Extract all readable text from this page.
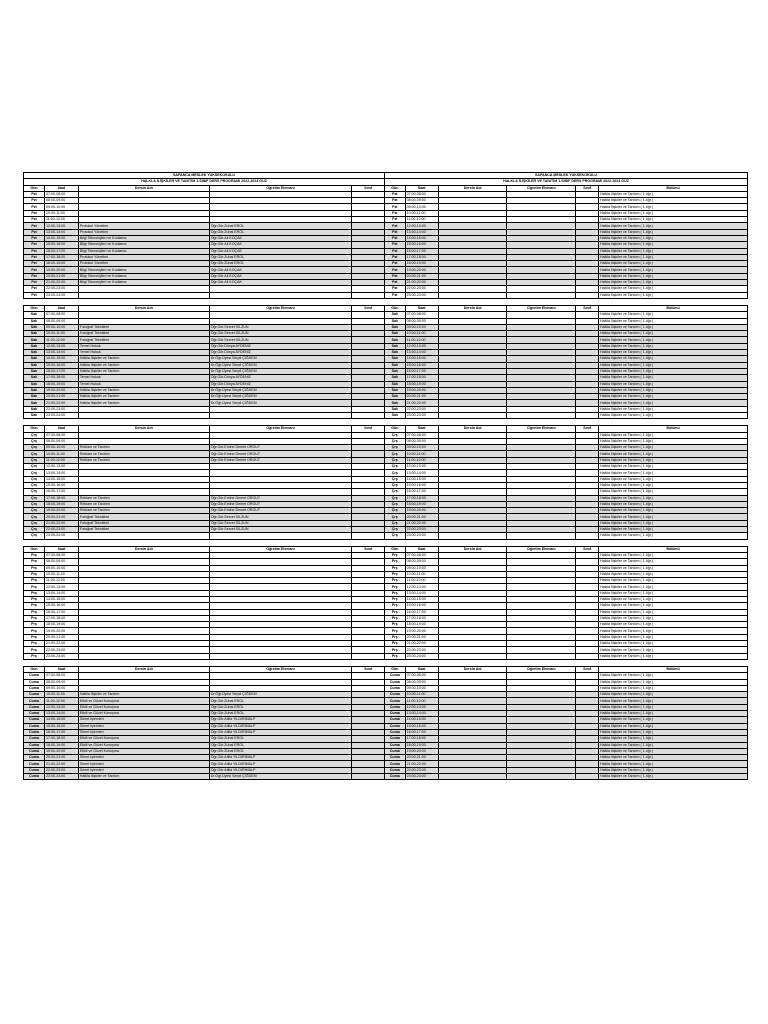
SAPANCA MESLEK YÜKSEKOKULU				
HALKLA İLİŞKİLER VE TANITIM 1.SINIF DERS PROGRAMI 2022-2023 GÜZ				
Gün	Saat	Dersin Adı	Öğretim Elemanı	Sınıf
Pzt	07:00-08:00			
Pzt	08:00-09:00			
Pzt	09:00-10:00			
Pzt	10:00-11:00			
Pzt	11:00-12:00			
Pzt	12:00-13:00	Protokol Yönetimi	Öğr.Gör.Zuhal EROL	
Pzt	13:00-14:00	Protokol Yönetimi	Öğr.Gör.Zuhal EROL	
Pzt	14:00-15:00	Bilgi Teknolojileri ve Kodlama	Öğr.Gör.Ali KOÇAK	
Pzt	15:00-16:00	Bilgi Teknolojileri ve Kodlama	Öğr.Gör.Ali KOÇAK	
Pzt	16:00-17:00	Bilgi Teknolojileri ve Kodlama	Öğr.Gör.Ali KOÇAK	
Pzt	17:00-18:00	Protokol Yönetimi	Öğr.Gör.Zuhal EROL	
Pzt	18:00-19:00	Protokol Yönetimi	Öğr.Gör.Zuhal EROL	
Pzt	19:00-20:00	Bilgi Teknolojileri ve Kodlama	Öğr.Gör.Ali KOÇAK	
Pzt	20:00-21:00	Bilgi Teknolojileri ve Kodlama	Öğr.Gör.Ali KOÇAK	
Pzt	21:00-22:00	Bilgi Teknolojileri ve Kodlama	Öğr.Gör.Ali KOÇAK	
Pzt	22:00-23:00			
Pzt	23:00-24:00			

Gün	Saat	Dersin Adı	Öğretim Elemanı	Sınıf
Salı	07:00-08:00			
Salı	08:00-09:00			
Salı	09:00-10:00	Fotoğraf Teknikleri	Öğr.Gör.Servet SİLZUN	
Salı	10:00-11:00	Fotoğraf Teknikleri	Öğr.Gör.Servet SİLZUN	
Salı	11:00-12:00	Fotoğraf Teknikleri	Öğr.Gör.Servet SİLZUN	
Salı	12:00-13:00	Temel Hukuk	Öğr.Gör.Dünya AYDENİZ	
Salı	13:00-14:00	Temel Hukuk	Öğr.Gör.Dünya AYDENİZ	
Salı	14:00-15:00	Halkla İlişkiler ve Tanıtım	Dr.Öğr.Üyesi Serpil ÇİĞDEM	
Salı	15:00-16:00	Halkla İlişkiler ve Tanıtım	Dr.Öğr.Üyesi Serpil ÇİĞDEM	
Salı	16:00-17:00	Halkla İlişkiler ve Tanıtım	Dr.Öğr.Üyesi Serpil ÇİĞDEM	
Salı	17:00-18:00	Temel Hukuk	Öğr.Gör.Dünya AYDENİZ	
Salı	18:00-19:00	Temel Hukuk	Öğr.Gör.Dünya AYDENİZ	
Salı	19:00-20:00	Halkla İlişkiler ve Tanıtım	Dr.Öğr.Üyesi Serpil ÇİĞDEM	
Salı	20:00-21:00	Halkla İlişkiler ve Tanıtım	Dr.Öğr.Üyesi Serpil ÇİĞDEM	
Salı	21:00-22:00	Halkla İlişkiler ve Tanıtım	Dr.Öğr.Üyesi Serpil ÇİĞDEM	
Salı	22:00-23:00			
Salı	23:00-24:00			

Gün	Saat	Dersin Adı	Öğretim Elemanı	Sınıf
Çrş	07:00-08:00			
Çrş	08:00-09:00			
Çrş	09:00-10:00	Reklam ve Tanıtım	Öğr.Gör.Emine Demet ORGUT	
Çrş	10:00-11:00	Reklam ve Tanıtım	Öğr.Gör.Emine Demet ORGUT	
Çrş	11:00-12:00	Reklam ve Tanıtım	Öğr.Gör.Emine Demet ORGUT	
Çrş	12:00-13:00			
Çrş	13:00-14:00			
Çrş	14:00-15:00			
Çrş	15:00-16:00			
Çrş	16:00-17:00			
Çrş	17:00-18:00	Reklam ve Tanıtım	Öğr.Gör.Emine Demet ORGUT	
Çrş	18:00-19:00	Reklam ve Tanıtım	Öğr.Gör.Emine Demet ORGUT	
Çrş	19:00-20:00	Reklam ve Tanıtım	Öğr.Gör.Emine Demet ORGUT	
Çrş	20:00-21:00	Fotoğraf Teknikleri	Öğr.Gör.Servet SİLZUN	
Çrş	21:00-22:00	Fotoğraf Teknikleri	Öğr.Gör.Servet SİLZUN	
Çrş	22:00-23:00	Fotoğraf Teknikleri	Öğr.Gör.Servet SİLZUN	
Çrş	23:00-24:00			

Gün	Saat	Dersin Adı	Öğretim Elemanı	Sınıf
Prş	07:00-08:00			
Prş	08:00-09:00			
Prş	09:00-10:00			
Prş	10:00-11:00			
Prş	11:00-12:00			
Prş	12:00-13:00			
Prş	13:00-14:00			
Prş	14:00-15:00			
Prş	15:00-16:00			
Prş	16:00-17:00			
Prş	17:00-18:00			
Prş	18:00-19:00			
Prş	19:00-20:00			
Prş	20:00-21:00			
Prş	21:00-22:00			
Prş	22:00-23:00			
Prş	23:00-24:00			

Gün	Saat	Dersin Adı	Öğretim Elemanı	Sınıf
Cuma	07:00-08:00			
Cuma	08:00-09:00			
Cuma	09:00-10:00			
Cuma	10:00-11:00	Halkla İlişkiler ve Tanıtım	Dr.Öğr.Üyesi Serpil ÇİĞDEM	
Cuma	11:00-12:00	Etkili ve Güzel Konuşma	Öğr.Gör.Zuhal EROL	
Cuma	12:00-13:00	Etkili ve Güzel Konuşma	Öğr.Gör.Zuhal EROL	
Cuma	13:00-14:00	Etkili ve Güzel Konuşma	Öğr.Gör.Zuhal EROL	
Cuma	14:00-15:00	Senet İşlemleri	Öğr.Gör.Atilla YILDIRIMALP	
Cuma	15:00-16:00	Senet İşlemleri	Öğr.Gör.Atilla YILDIRIMALP	
Cuma	16:00-17:00	Senet İşlemleri	Öğr.Gör.Atilla YILDIRIMALP	
Cuma	17:00-18:00	Etkili ve Güzel Konuşma	Öğr.Gör.Zuhal EROL	
Cuma	18:00-19:00	Etkili ve Güzel Konuşma	Öğr.Gör.Zuhal EROL	
Cuma	19:00-20:00	Etkili ve Güzel Konuşma	Öğr.Gör.Zuhal EROL	
Cuma	20:00-21:00	Senet İşlemleri	Öğr.Gör.Atilla YILDIRIMALP	
Cuma	21:00-22:00	Senet İşlemleri	Öğr.Gör.Atilla YILDIRIMALP	
Cuma	22:00-23:00	Senet İşlemleri	Öğr.Gör.Atilla YILDIRIMALP	
Cuma	23:00-24:00	Halkla İlişkiler ve Tanıtım	Dr.Öğr.Üyesi Serpil ÇİĞDEM	
SAPANCA MESLEK YÜKSEKOKULU					
HALKLA İLİŞKİLER VE TANITIM 1.SINIF DERS PROGRAMI 2022-2023 GÜZ					
Gün	Saat	Dersin Adı	Öğretim Elemanı	Sınıf	Bölümü
Pzt	07:00-08:00				Halkla İlişkiler ve Tanıtım ( 1.öğr.)
Pzt	08:00-09:00				Halkla İlişkiler ve Tanıtım ( 1.öğr.)
Pzt	09:00-10:00				Halkla İlişkiler ve Tanıtım ( 1.öğr.)
Pzt	10:00-11:00				Halkla İlişkiler ve Tanıtım ( 1.öğr.)
Pzt	11:00-12:00				Halkla İlişkiler ve Tanıtım ( 1.öğr.)
Pzt	12:00-13:00				Halkla İlişkiler ve Tanıtım ( 1.öğr.)
Pzt	13:00-14:00				Halkla İlişkiler ve Tanıtım ( 1.öğr.)
Pzt	14:00-15:00				Halkla İlişkiler ve Tanıtım ( 1.öğr.)
Pzt	15:00-16:00				Halkla İlişkiler ve Tanıtım ( 1.öğr.)
Pzt	16:00-17:00				Halkla İlişkiler ve Tanıtım ( 1.öğr.)
Pzt	17:00-18:00				Halkla İlişkiler ve Tanıtım ( 1.öğr.)
Pzt	18:00-19:00				Halkla İlişkiler ve Tanıtım ( 1.öğr.)
Pzt	19:00-20:00				Halkla İlişkiler ve Tanıtım ( 1.öğr.)
Pzt	20:00-21:00				Halkla İlişkiler ve Tanıtım ( 1.öğr.)
Pzt	21:00-22:00				Halkla İlişkiler ve Tanıtım ( 1.öğr.)
Pzt	22:00-23:00				Halkla İlişkiler ve Tanıtım ( 1.öğr.)
Pzt	23:00-24:00				Halkla İlişkiler ve Tanıtım ( 1.öğr.)

Gün	Saat	Dersin Adı	Öğretim Elemanı	Sınıf	Bölümü
Salı	07:00-08:00				Halkla İlişkiler ve Tanıtım ( 1.öğr.)
Salı	08:00-09:00				Halkla İlişkiler ve Tanıtım ( 1.öğr.)
Salı	09:00-10:00				Halkla İlişkiler ve Tanıtım ( 1.öğr.)
Salı	10:00-11:00				Halkla İlişkiler ve Tanıtım ( 1.öğr.)
Salı	11:00-12:00				Halkla İlişkiler ve Tanıtım ( 1.öğr.)
Salı	12:00-13:00				Halkla İlişkiler ve Tanıtım ( 1.öğr.)
Salı	13:00-14:00				Halkla İlişkiler ve Tanıtım ( 1.öğr.)
Salı	14:00-15:00				Halkla İlişkiler ve Tanıtım ( 1.öğr.)
Salı	15:00-16:00				Halkla İlişkiler ve Tanıtım ( 1.öğr.)
Salı	16:00-17:00				Halkla İlişkiler ve Tanıtım ( 1.öğr.)
Salı	17:00-18:00				Halkla İlişkiler ve Tanıtım ( 1.öğr.)
Salı	18:00-19:00				Halkla İlişkiler ve Tanıtım ( 1.öğr.)
Salı	19:00-20:00				Halkla İlişkiler ve Tanıtım ( 1.öğr.)
Salı	20:00-21:00				Halkla İlişkiler ve Tanıtım ( 1.öğr.)
Salı	21:00-22:00				Halkla İlişkiler ve Tanıtım ( 1.öğr.)
Salı	22:00-23:00				Halkla İlişkiler ve Tanıtım ( 1.öğr.)
Salı	23:00-24:00				Halkla İlişkiler ve Tanıtım ( 1.öğr.)

Gün	Saat	Dersin Adı	Öğretim Elemanı	Sınıf	Bölümü
Çrş	07:00-08:00				Halkla İlişkiler ve Tanıtım ( 1.öğr.)
Çrş	08:00-09:00				Halkla İlişkiler ve Tanıtım ( 1.öğr.)
Çrş	09:00-10:00				Halkla İlişkiler ve Tanıtım ( 1.öğr.)
Çrş	10:00-11:00				Halkla İlişkiler ve Tanıtım ( 1.öğr.)
Çrş	11:00-12:00				Halkla İlişkiler ve Tanıtım ( 1.öğr.)
Çrş	12:00-13:00				Halkla İlişkiler ve Tanıtım ( 1.öğr.)
Çrş	13:00-14:00				Halkla İlişkiler ve Tanıtım ( 1.öğr.)
Çrş	14:00-15:00				Halkla İlişkiler ve Tanıtım ( 1.öğr.)
Çrş	15:00-16:00				Halkla İlişkiler ve Tanıtım ( 1.öğr.)
Çrş	16:00-17:00				Halkla İlişkiler ve Tanıtım ( 1.öğr.)
Çrş	17:00-18:00				Halkla İlişkiler ve Tanıtım ( 1.öğr.)
Çrş	18:00-19:00				Halkla İlişkiler ve Tanıtım ( 1.öğr.)
Çrş	19:00-20:00				Halkla İlişkiler ve Tanıtım ( 1.öğr.)
Çrş	20:00-21:00				Halkla İlişkiler ve Tanıtım ( 1.öğr.)
Çrş	21:00-22:00				Halkla İlişkiler ve Tanıtım ( 1.öğr.)
Çrş	22:00-23:00				Halkla İlişkiler ve Tanıtım ( 1.öğr.)
Çrş	23:00-24:00				Halkla İlişkiler ve Tanıtım ( 1.öğr.)

Gün	Saat	Dersin Adı	Öğretim Elemanı	Sınıf	Bölümü
Prş	07:00-08:00				Halkla İlişkiler ve Tanıtım ( 1.öğr.)
Prş	08:00-09:00				Halkla İlişkiler ve Tanıtım ( 1.öğr.)
Prş	09:00-10:00				Halkla İlişkiler ve Tanıtım ( 1.öğr.)
Prş	10:00-11:00				Halkla İlişkiler ve Tanıtım ( 1.öğr.)
Prş	11:00-12:00				Halkla İlişkiler ve Tanıtım ( 1.öğr.)
Prş	12:00-13:00				Halkla İlişkiler ve Tanıtım ( 1.öğr.)
Prş	13:00-14:00				Halkla İlişkiler ve Tanıtım ( 1.öğr.)
Prş	14:00-15:00				Halkla İlişkiler ve Tanıtım ( 1.öğr.)
Prş	15:00-16:00				Halkla İlişkiler ve Tanıtım ( 1.öğr.)
Prş	16:00-17:00				Halkla İlişkiler ve Tanıtım ( 1.öğr.)
Prş	17:00-18:00				Halkla İlişkiler ve Tanıtım ( 1.öğr.)
Prş	18:00-19:00				Halkla İlişkiler ve Tanıtım ( 1.öğr.)
Prş	19:00-20:00				Halkla İlişkiler ve Tanıtım ( 1.öğr.)
Prş	20:00-21:00				Halkla İlişkiler ve Tanıtım ( 1.öğr.)
Prş	21:00-22:00				Halkla İlişkiler ve Tanıtım ( 1.öğr.)
Prş	22:00-23:00				Halkla İlişkiler ve Tanıtım ( 1.öğr.)
Prş	23:00-24:00				Halkla İlişkiler ve Tanıtım ( 1.öğr.)

Gün	Saat	Dersin Adı	Öğretim Elemanı	Sınıf	Bölümü
Cuma	07:00-08:00				Halkla İlişkiler ve Tanıtım ( 1.öğr.)
Cuma	08:00-09:00				Halkla İlişkiler ve Tanıtım ( 1.öğr.)
Cuma	09:00-10:00				Halkla İlişkiler ve Tanıtım ( 1.öğr.)
Cuma	10:00-11:00				Halkla İlişkiler ve Tanıtım ( 1.öğr.)
Cuma	11:00-12:00				Halkla İlişkiler ve Tanıtım ( 1.öğr.)
Cuma	12:00-13:00				Halkla İlişkiler ve Tanıtım ( 1.öğr.)
Cuma	13:00-14:00				Halkla İlişkiler ve Tanıtım ( 1.öğr.)
Cuma	14:00-15:00				Halkla İlişkiler ve Tanıtım ( 1.öğr.)
Cuma	15:00-16:00				Halkla İlişkiler ve Tanıtım ( 1.öğr.)
Cuma	16:00-17:00				Halkla İlişkiler ve Tanıtım ( 1.öğr.)
Cuma	17:00-18:00				Halkla İlişkiler ve Tanıtım ( 1.öğr.)
Cuma	18:00-19:00				Halkla İlişkiler ve Tanıtım ( 1.öğr.)
Cuma	19:00-20:00				Halkla İlişkiler ve Tanıtım ( 1.öğr.)
Cuma	20:00-21:00				Halkla İlişkiler ve Tanıtım ( 1.öğr.)
Cuma	21:00-22:00				Halkla İlişkiler ve Tanıtım ( 1.öğr.)
Cuma	22:00-23:00				Halkla İlişkiler ve Tanıtım ( 1.öğr.)
Cuma	23:00-24:00				Halkla İlişkiler ve Tanıtım ( 1.öğr.)
